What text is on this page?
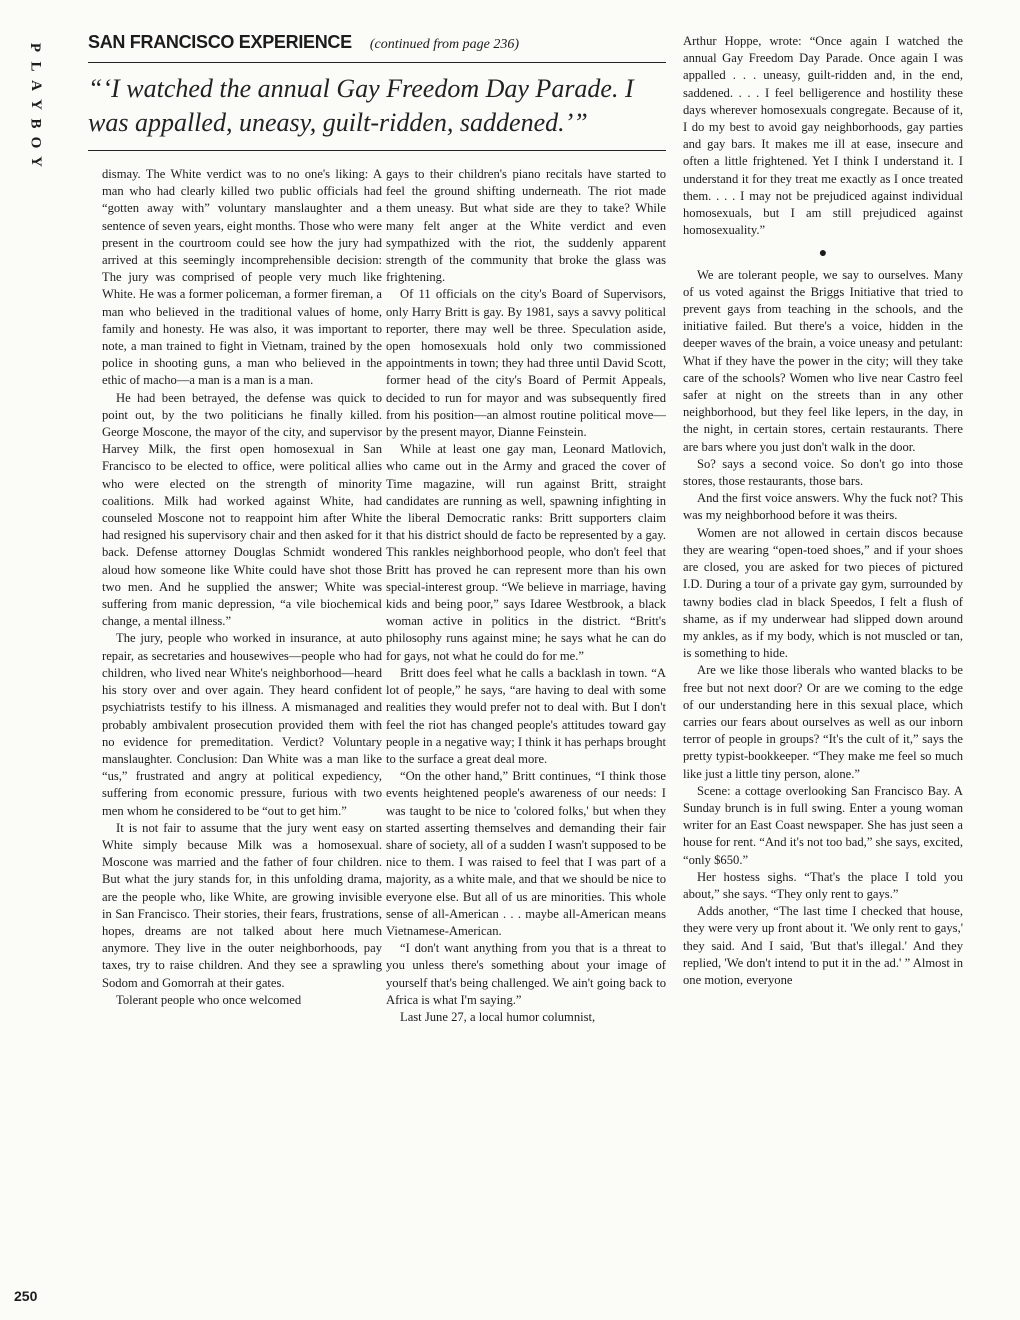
P
L
A
Y
B
O
Y
250
SAN FRANCISCO EXPERIENCE (continued from page 236)
“‘I watched the annual Gay Freedom Day Parade. I was appalled, uneasy, guilt-ridden, saddened.’”

dismay. The White verdict was to no one's liking: A man who had clearly killed two public officials had “gotten away with” voluntary manslaughter and a sentence of seven years, eight months. Those who were present in the courtroom could see how the jury had arrived at this seemingly incomprehensible decision: The jury was comprised of people very much like White. He was a former policeman, a former fireman, a man who believed in the traditional values of home, family and honesty. He was also, it was important to note, a man trained to fight in Vietnam, trained by the police in shooting guns, a man who believed in the ethic of macho—a man is a man is a man.

He had been betrayed, the defense was quick to point out, by the two politicians he finally killed. George Moscone, the mayor of the city, and supervisor Harvey Milk, the first open homosexual in San Francisco to be elected to office, were political allies who were elected on the strength of minority coalitions. Milk had worked against White, had counseled Moscone not to reappoint him after White had resigned his supervisory chair and then asked for it back. Defense attorney Douglas Schmidt wondered aloud how someone like White could have shot those two men. And he supplied the answer; White was suffering from manic depression, “a vile biochemical change, a mental illness.”

The jury, people who worked in insurance, at auto repair, as secretaries and housewives—people who had children, who lived near White's neighborhood—heard his story over and over again. They heard confident psychiatrists testify to his illness. A mismanaged and probably ambivalent prosecution provided them with no evidence for premeditation. Verdict? Voluntary manslaughter. Conclusion: Dan White was a man like “us,” frustrated and angry at political expediency, suffering from economic pressure, furious with two men whom he considered to be “out to get him.”

It is not fair to assume that the jury went easy on White simply because Milk was a homosexual. Moscone was married and the father of four children. But what the jury stands for, in this unfolding drama, are the people who, like White, are growing invisible in San Francisco. Their stories, their fears, frustrations, hopes, dreams are not talked about here much anymore. They live in the outer neighborhoods, pay taxes, try to raise children. And they see a sprawling Sodom and Gomorrah at their gates.

Tolerant people who once welcomed

gays to their children's piano recitals have started to feel the ground shifting underneath. The riot made them uneasy. But what side are they to take? While many felt anger at the White verdict and even sympathized with the riot, the suddenly apparent strength of the community that broke the glass was frightening.

Of 11 officials on the city's Board of Supervisors, only Harry Britt is gay. By 1981, says a savvy political reporter, there may well be three. Speculation aside, open homosexuals hold only two commissioned appointments in town; they had three until David Scott, former head of the city's Board of Permit Appeals, decided to run for mayor and was subsequently fired from his position—an almost routine political move—by the present mayor, Dianne Feinstein.

While at least one gay man, Leonard Matlovich, who came out in the Army and graced the cover of Time magazine, will run against Britt, straight candidates are running as well, spawning infighting in the liberal Democratic ranks: Britt supporters claim that his district should de facto be represented by a gay. This rankles neighborhood people, who don't feel that Britt has proved he can represent more than his own special-interest group. “We believe in marriage, having kids and being poor,” says Idaree Westbrook, a black woman active in politics in the district. “Britt's philosophy runs against mine; he says what he can do for gays, not what he could do for me.”

Britt does feel what he calls a backlash in town. “A lot of people,” he says, “are having to deal with some realities they would prefer not to deal with. But I don't feel the riot has changed people's attitudes toward gay people in a negative way; I think it has perhaps brought to the surface a great deal more.

“On the other hand,” Britt continues, “I think those events heightened people's awareness of our needs: I was taught to be nice to 'colored folks,' but when they started asserting themselves and demanding their fair share of society, all of a sudden I wasn't supposed to be nice to them. I was raised to feel that I was part of a majority, as a white male, and that we should be nice to everyone else. But all of us are minorities. This whole sense of all-American . . . maybe all-American means Vietnamese-American.

“I don't want anything from you that is a threat to you unless there's something about your image of yourself that's being challenged. We ain't going back to Africa is what I'm saying.”

Last June 27, a local humor columnist,

Arthur Hoppe, wrote: “Once again I watched the annual Gay Freedom Day Parade. Once again I was appalled . . . uneasy, guilt-ridden and, in the end, saddened. . . . I feel belligerence and hostility these days wherever homosexuals congregate. Because of it, I do my best to avoid gay neighborhoods, gay parties and gay bars. It makes me ill at ease, insecure and often a little frightened. Yet I think I understand it. I understand it for they treat me exactly as I once treated them. . . . I may not be prejudiced against individual homosexuals, but I am still prejudiced against homosexuality.”

●

We are tolerant people, we say to ourselves. Many of us voted against the Briggs Initiative that tried to prevent gays from teaching in the schools, and the initiative failed. But there's a voice, hidden in the deeper waves of the brain, a voice uneasy and petulant: What if they have the power in the city; will they take care of the schools? Women who live near Castro feel safer at night on the streets than in any other neighborhood, but they feel like lepers, in the day, in the night, in certain stores, certain restaurants. There are bars where you just don't walk in the door.

So? says a second voice. So don't go into those stores, those restaurants, those bars.

And the first voice answers. Why the fuck not? This was my neighborhood before it was theirs.

Women are not allowed in certain discos because they are wearing “open-toed shoes,” and if your shoes are closed, you are asked for two pieces of pictured I.D. During a tour of a private gay gym, surrounded by tawny bodies clad in black Speedos, I felt a flush of shame, as if my underwear had slipped down around my ankles, as if my body, which is not muscled or tan, is something to hide.

Are we like those liberals who wanted blacks to be free but not next door? Or are we coming to the edge of our understanding here in this sexual place, which carries our fears about ourselves as well as our inborn terror of people in groups? “It's the cult of it,” says the pretty typist-bookkeeper. “They make me feel so much like just a little tiny person, alone.”

Scene: a cottage overlooking San Francisco Bay. A Sunday brunch is in full swing. Enter a young woman writer for an East Coast newspaper. She has just seen a house for rent. “And it's not too bad,” she says, excited, “only $650.”

Her hostess sighs. “That's the place I told you about,” she says. “They only rent to gays.”

Adds another, “The last time I checked that house, they were very up front about it. 'We only rent to gays,' they said. And I said, 'But that's illegal.' And they replied, 'We don't intend to put it in the ad.' ” Almost in one motion, everyone
